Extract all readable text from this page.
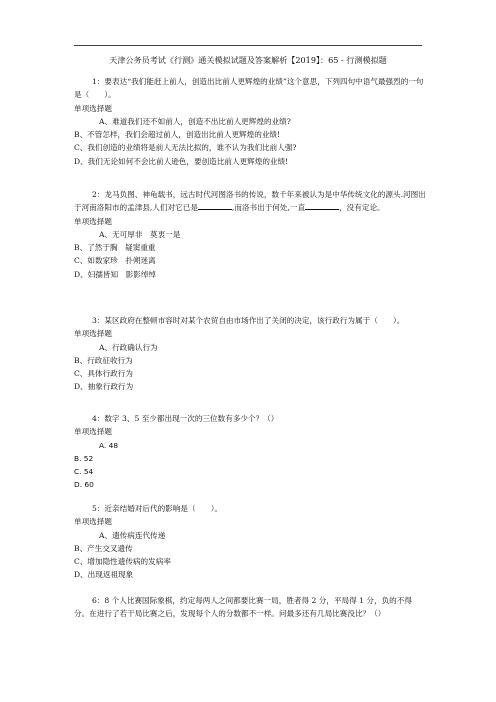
天津公务员考试《行测》通关模拟试题及答案解析【2019】：65 - 行测模拟题

1：要表达“我们能赶上前人，创造出比前人更辉煌的业绩”这个意思，下列四句中语气最强烈的一句是（　　）。

单项选择题

A、难道我们还不如前人，创造不出比前人更辉煌的业绩?

B、不管怎样，我们会超过前人，创造出比前人更辉煌的业绩!

C、我们创造的业绩将是前人无法比拟的，谁不认为我们比前人强?

D、我们无论如何不会比前人逊色，要创造比前人更辉煌的业绩!

2：龙马负图、神龟载书，远古时代河图洛书的传说，数千年来被认为是中华传统文化的源头.河图出于河南洛阳市的孟津县,人们对它已是	,而洛书出于何处,一直	，没有定论。

单项选择题

A、无可厚非　莫衷一是

B、了然于胸　疑窦重重

C、如数家珍　扑朔迷离

D、妇孺皆知　影影绰绰

3：某区政府在整顿市容时对某个农贸自由市场作出了关闭的决定，该行政行为属于（　　）。

单项选择题

A、行政确认行为

B、行政征收行为

C、具体行政行为

D、抽象行政行为

4：数字 3、5 至少都出现一次的三位数有多少个？（）

单项选择题

A. 48

B. 52

C. 54

D. 60

5：近亲结婚对后代的影响是（　　）。

单项选择题

A、遗传病连代传递

B、产生交叉遗传

C、增加隐性遗传病的发病率

D、出现返祖现象

6：8 个人比赛国际象棋，约定每两人之间都要比赛一局，胜者得 2 分，平局得 1 分，负的不得分。在进行了若干局比赛之后，发现每个人的分数都不一样。问最多还有几局比赛没比？（）
